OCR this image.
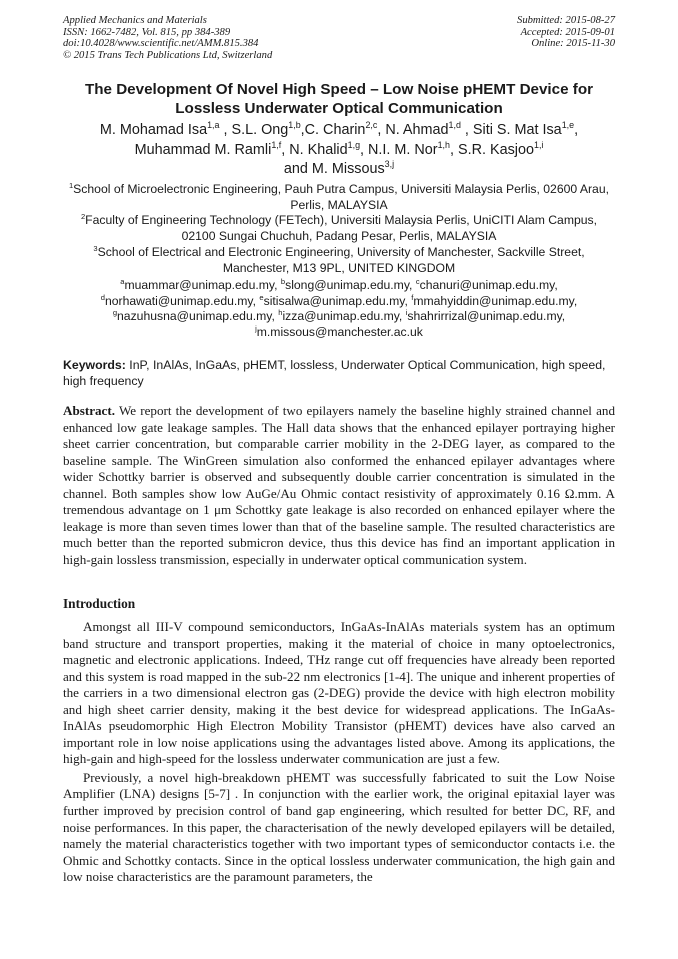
Applied Mechanics and Materials
ISSN: 1662-7482, Vol. 815, pp 384-389
doi:10.4028/www.scientific.net/AMM.815.384
© 2015 Trans Tech Publications Ltd, Switzerland
Submitted: 2015-08-27
Accepted: 2015-09-01
Online: 2015-11-30
The Development Of Novel High Speed – Low Noise pHEMT Device for
Lossless Underwater Optical Communication
M. Mohamad Isa$^{1,a}$ , S.L. Ong$^{1,b}$,C. Charin$^{2,c}$, N. Ahmad$^{1,d}$ , Siti S. Mat Isa$^{1,e}$,
Muhammad M. Ramli$^{1,f}$, N. Khalid$^{1,g}$, N.I. M. Nor$^{1,h}$, S.R. Kasjoo$^{1,i}$
and M. Missous$^{3,j}$
$^1$School of Microelectronic Engineering, Pauh Putra Campus, Universiti Malaysia Perlis, 02600 Arau,
Perlis, MALAYSIA
$^2$Faculty of Engineering Technology (FETech), Universiti Malaysia Perlis, UniCITI Alam Campus,
02100 Sungai Chuchuh, Padang Pesar, Perlis, MALAYSIA
$^3$School of Electrical and Electronic Engineering, University of Manchester, Sackville Street,
Manchester, M13 9PL, UNITED KINGDOM
$^a$muammar@unimap.edu.my, $^b$slong@unimap.edu.my, $^c$chanuri@unimap.edu.my,
$^d$norhawati@unimap.edu.my, $^e$sitisalwa@unimap.edu.my, $^f$mmahyiddin@unimap.edu.my,
$^g$nazuhusna@unimap.edu.my, $^h$izza@unimap.edu.my, $^i$shahrirrizal@unimap.edu.my,
$^j$m.missous@manchester.ac.uk
Keywords: InP, InAlAs, InGaAs, pHEMT, lossless, Underwater Optical Communication, high speed, high frequency
Abstract. We report the development of two epilayers namely the baseline highly strained channel and enhanced low gate leakage samples. The Hall data shows that the enhanced epilayer portraying higher sheet carrier concentration, but comparable carrier mobility in the 2-DEG layer, as compared to the baseline sample. The WinGreen simulation also conformed the enhanced epilayer advantages where wider Schottky barrier is observed and subsequently double carrier concentration is simulated in the channel. Both samples show low AuGe/Au Ohmic contact resistivity of approximately 0.16 Ω.mm. A tremendous advantage on 1 μm Schottky gate leakage is also recorded on enhanced epilayer where the leakage is more than seven times lower than that of the baseline sample. The resulted characteristics are much better than the reported submicron device, thus this device has find an important application in high-gain lossless transmission, especially in underwater optical communication system.
Introduction

Amongst all III-V compound semiconductors, InGaAs-InAlAs materials system has an optimum band structure and transport properties, making it the material of choice in many optoelectronics, magnetic and electronic applications. Indeed, THz range cut off frequencies have already been reported and this system is road mapped in the sub-22 nm electronics [1-4]. The unique and inherent properties of the carriers in a two dimensional electron gas (2-DEG) provide the device with high electron mobility and high sheet carrier density, making it the best device for widespread applications. The InGaAs-InAlAs pseudomorphic High Electron Mobility Transistor (pHEMT) devices have also carved an important role in low noise applications using the advantages listed above. Among its applications, the high-gain and high-speed for the lossless underwater communication are just a few.

Previously, a novel high-breakdown pHEMT was successfully fabricated to suit the Low Noise Amplifier (LNA) designs [5-7] . In conjunction with the earlier work, the original epitaxial layer was further improved by precision control of band gap engineering, which resulted for better DC, RF, and noise performances. In this paper, the characterisation of the newly developed epilayers will be detailed, namely the material characteristics together with two important types of semiconductor contacts i.e. the Ohmic and Schottky contacts. Since in the optical lossless underwater communication, the high gain and low noise characteristics are the paramount parameters, the
